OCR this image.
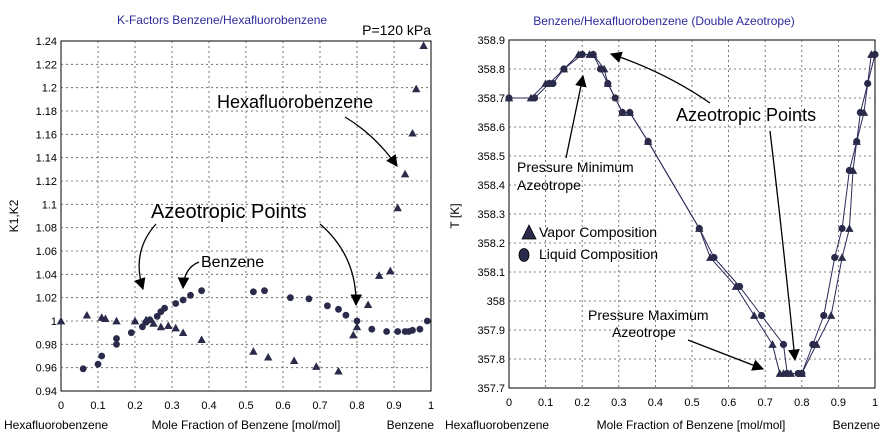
K-Factors Benzene/Hexafluorobenzene
P=120 kPa
0.94
0.96
0.98
1
1.02
1.04
1.06
1.08
1.1
1.12
1.14
1.16
1.18
1.2
1.22
1.24
0 0.1 0.2 0.3 0.4 0.5 0.6 0.7 0.8 0.9 1
K1,K2
Mole Fraction of Benzene [mol/mol]
Hexafluorobenzene	Benzene
Hexafluorobenzene
Azeotropic Points
Benzene
Benzene/Hexafluorobenzene (Double Azeotrope)
357.7
357.8
357.9
358
358.1
358.2
358.3
358.4
358.5
358.6
358.7
358.8
358.9
0 0.1 0.2 0.3 0.4 0.5 0.6 0.7 0.8 0.9 1
T [K]
Mole Fraction of Benzene [mol/mol]
Hexafluorobenzene	Benzene
Azeotropic Points
Pressure Minimum Azeotrope
Pressure Maximum Azeotrope
Vapor Composition
Liquid Composition
